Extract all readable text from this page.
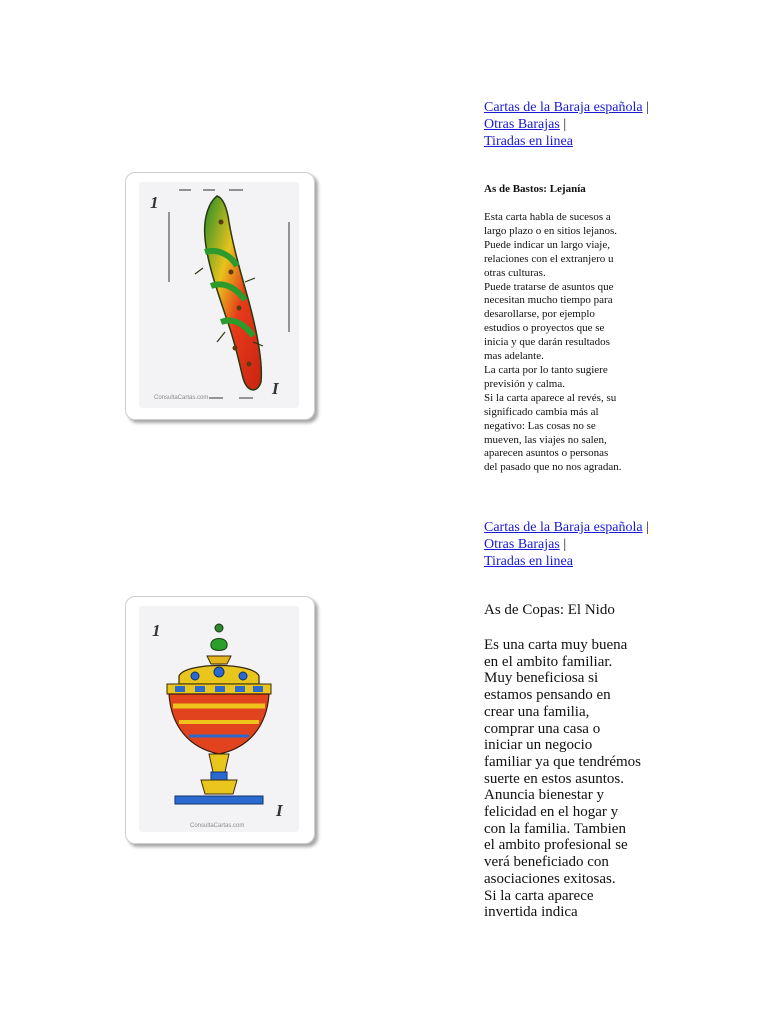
Cartas de la Baraja española | Otras Barajas |
Tiradas en linea
1
I
ConsultaCartas.com
As de Bastos: Lejanía

Esta carta habla de sucesos a

largo plazo o en sitios lejanos.

Puede indicar un largo viaje,

relaciones con el extranjero u

otras culturas.

Puede tratarse de asuntos que

necesitan mucho tiempo para

desarollarse, por ejemplo

estudios o proyectos que se

inicia y que darán resultados

mas adelante.

La carta por lo tanto sugiere

previsión y calma.

Si la carta aparece al revés, su

significado cambia más al

negativo: Las cosas no se

mueven, las viajes no salen,

aparecen asuntos o personas

del pasado que no nos agradan.

Cartas de la Baraja española | Otras Barajas |
Tiradas en linea
1
I
ConsultaCartas.com
As de Copas: El Nido

Es una carta muy buena

en el ambito familiar.

Muy beneficiosa si

estamos pensando en

crear una familia,

comprar una casa o

iniciar un negocio

familiar ya que tendrémos

suerte en estos asuntos.

Anuncia bienestar y

felicidad en el hogar y

con la familia. Tambien

el ambito profesional se

verá beneficiado con

asociaciones exitosas.

Si la carta aparece

invertida indica
